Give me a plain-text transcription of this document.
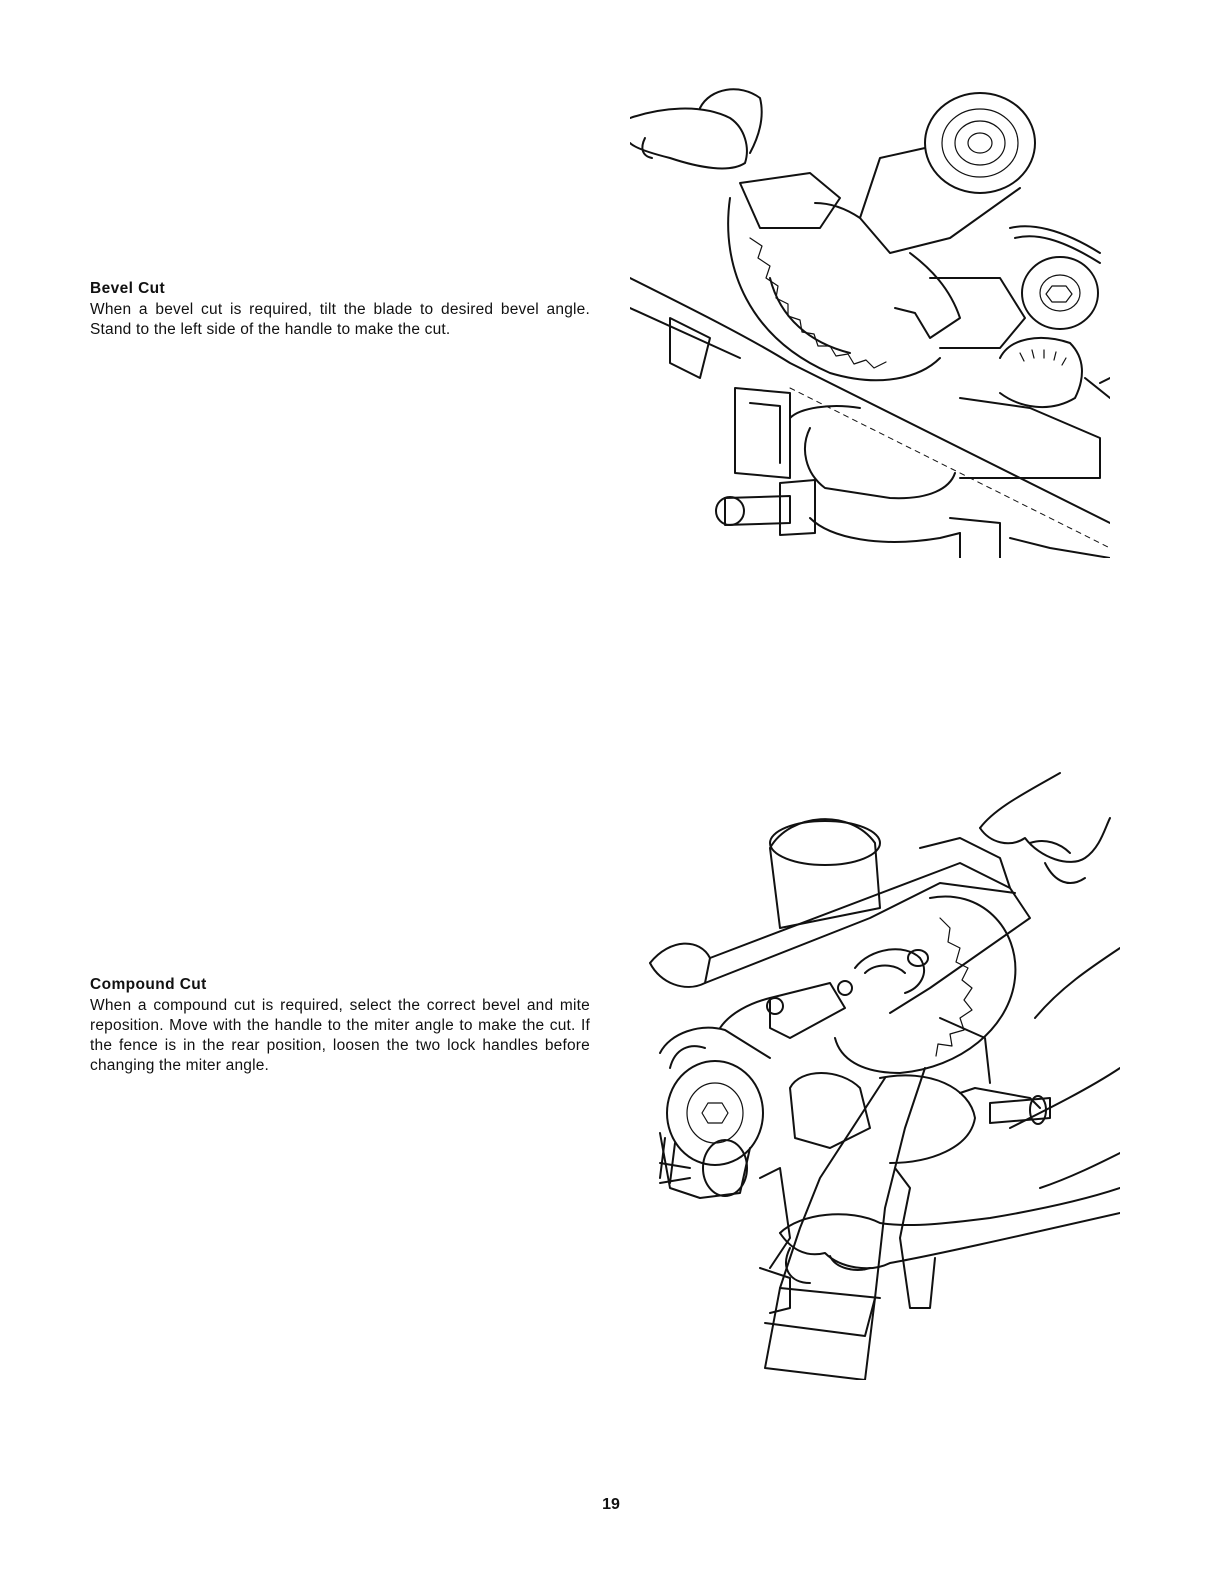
Bevel Cut

When a bevel cut is required, tilt the blade to desired bevel angle. Stand to the left side of the handle to make the cut.

Compound Cut

When a compound cut is required, select the correct bevel and mite reposition. Move with the handle to the miter angle to make the cut. If the fence is in the rear position, loosen the two lock handles before changing the miter angle.

19
